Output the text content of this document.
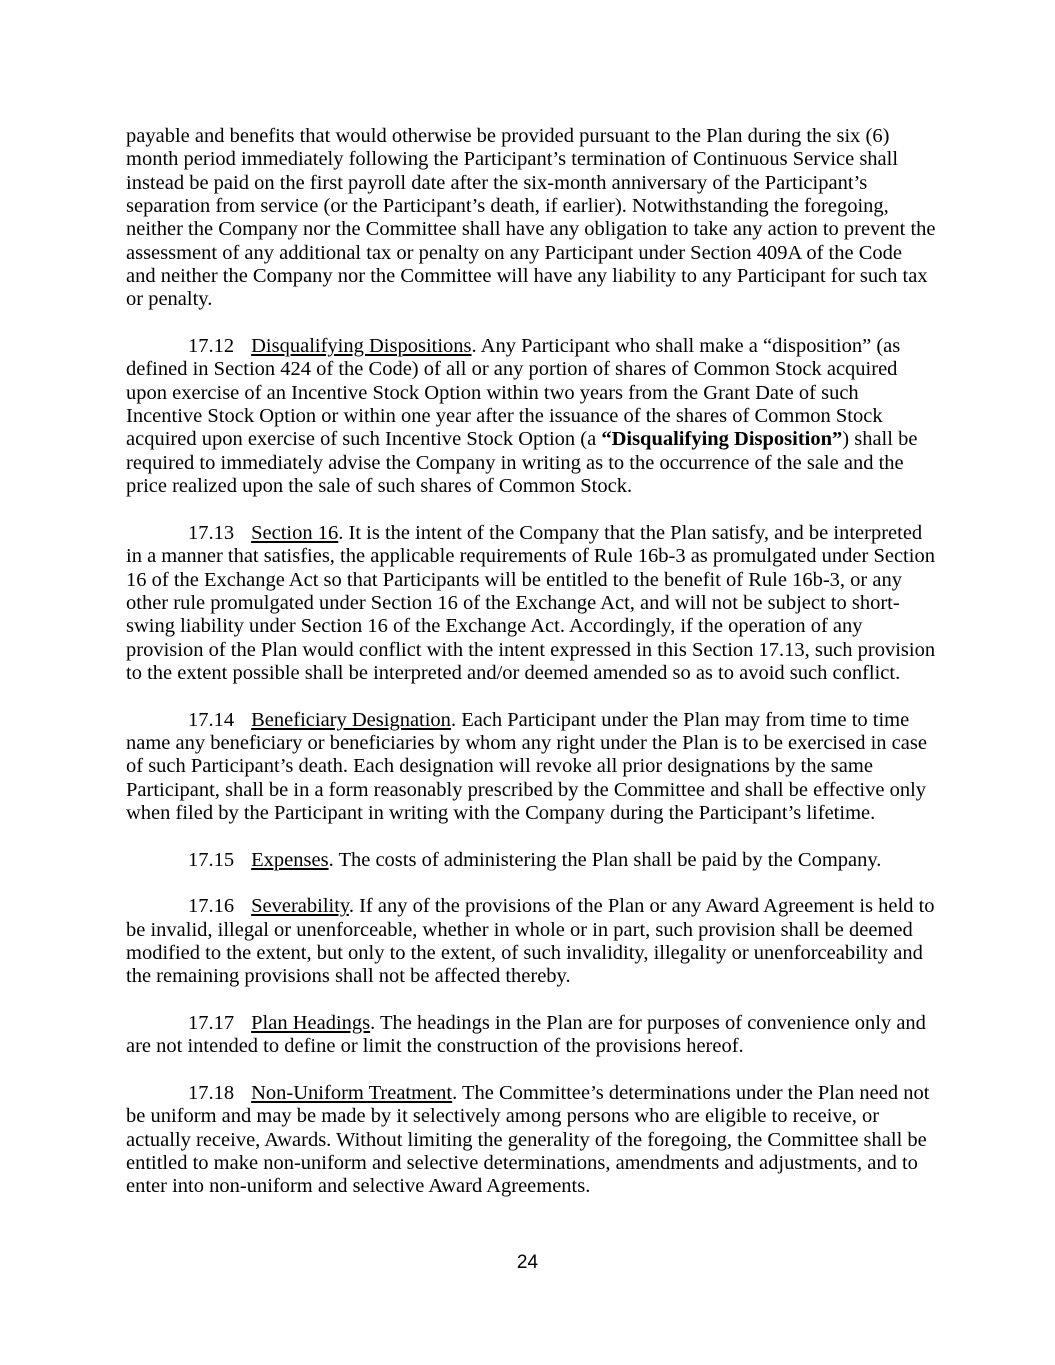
payable and benefits that would otherwise be provided pursuant to the Plan during the six (6) month period immediately following the Participant’s termination of Continuous Service shall instead be paid on the first payroll date after the six-month anniversary of the Participant’s separation from service (or the Participant’s death, if earlier). Notwithstanding the foregoing, neither the Company nor the Committee shall have any obligation to take any action to prevent the assessment of any additional tax or penalty on any Participant under Section 409A of the Code and neither the Company nor the Committee will have any liability to any Participant for such tax or penalty.

17.12 Disqualifying Dispositions. Any Participant who shall make a “disposition” (as defined in Section 424 of the Code) of all or any portion of shares of Common Stock acquired upon exercise of an Incentive Stock Option within two years from the Grant Date of such Incentive Stock Option or within one year after the issuance of the shares of Common Stock acquired upon exercise of such Incentive Stock Option (a “Disqualifying Disposition”) shall be required to immediately advise the Company in writing as to the occurrence of the sale and the price realized upon the sale of such shares of Common Stock.

17.13 Section 16. It is the intent of the Company that the Plan satisfy, and be interpreted in a manner that satisfies, the applicable requirements of Rule 16b-3 as promulgated under Section 16 of the Exchange Act so that Participants will be entitled to the benefit of Rule 16b-3, or any other rule promulgated under Section 16 of the Exchange Act, and will not be subject to short-swing liability under Section 16 of the Exchange Act. Accordingly, if the operation of any provision of the Plan would conflict with the intent expressed in this Section 17.13, such provision to the extent possible shall be interpreted and/or deemed amended so as to avoid such conflict.

17.14 Beneficiary Designation. Each Participant under the Plan may from time to time name any beneficiary or beneficiaries by whom any right under the Plan is to be exercised in case of such Participant’s death. Each designation will revoke all prior designations by the same Participant, shall be in a form reasonably prescribed by the Committee and shall be effective only when filed by the Participant in writing with the Company during the Participant’s lifetime.

17.15 Expenses. The costs of administering the Plan shall be paid by the Company.

17.16 Severability. If any of the provisions of the Plan or any Award Agreement is held to be invalid, illegal or unenforceable, whether in whole or in part, such provision shall be deemed modified to the extent, but only to the extent, of such invalidity, illegality or unenforceability and the remaining provisions shall not be affected thereby.

17.17 Plan Headings. The headings in the Plan are for purposes of convenience only and are not intended to define or limit the construction of the provisions hereof.

17.18 Non-Uniform Treatment. The Committee’s determinations under the Plan need not be uniform and may be made by it selectively among persons who are eligible to receive, or actually receive, Awards. Without limiting the generality of the foregoing, the Committee shall be entitled to make non-uniform and selective determinations, amendments and adjustments, and to enter into non-uniform and selective Award Agreements.

24
